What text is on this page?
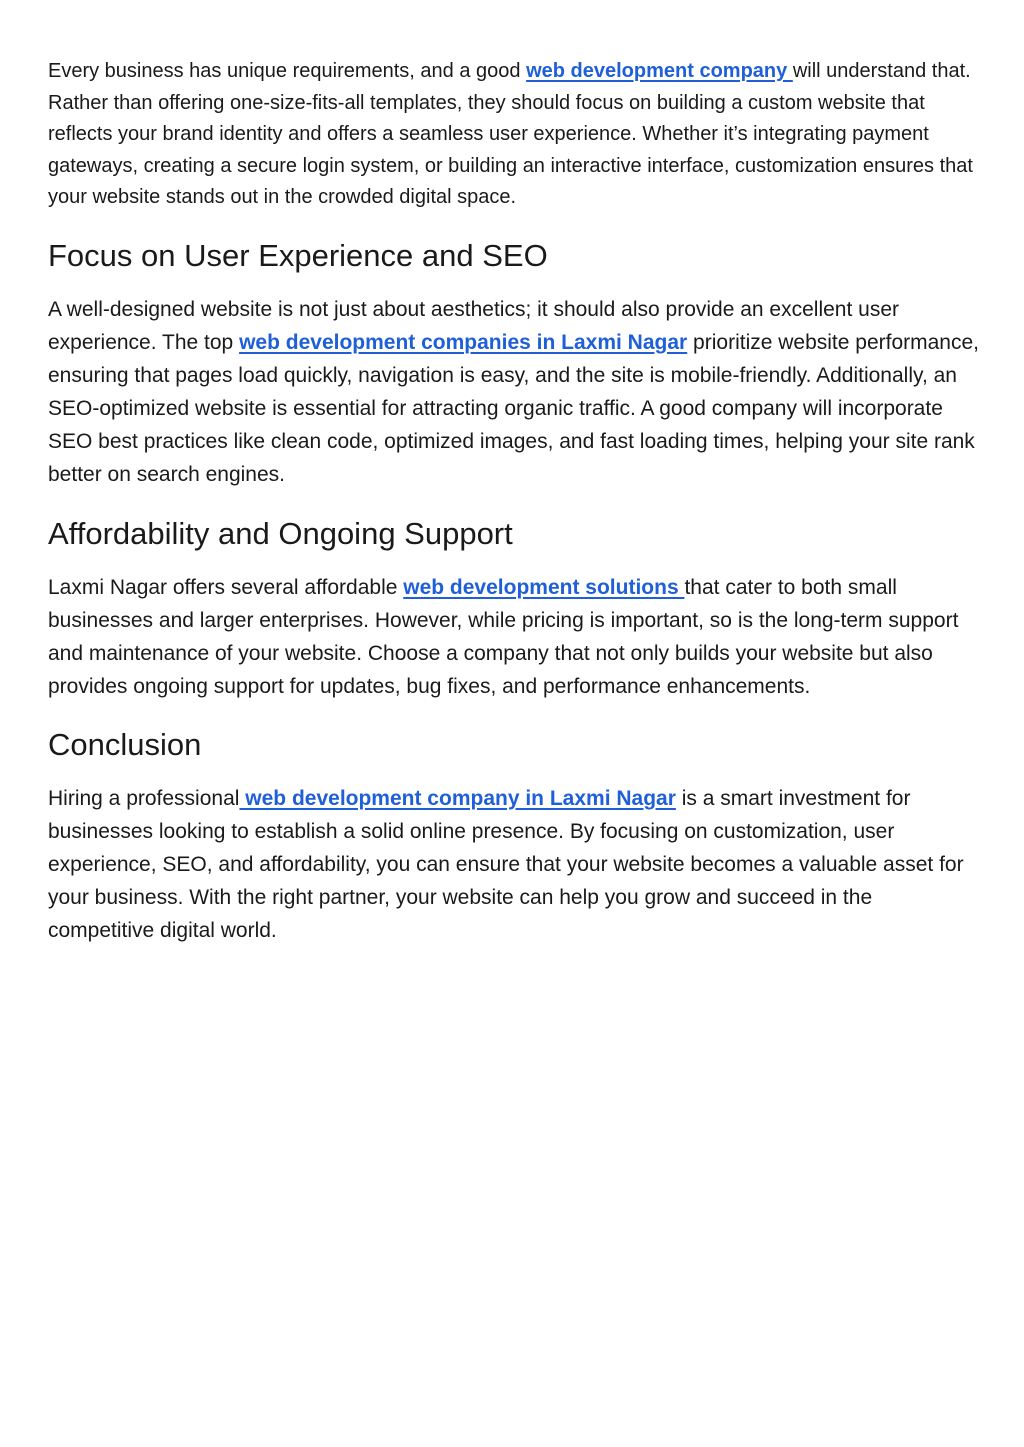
Every business has unique requirements, and a good web development company will understand that. Rather than offering one-size-fits-all templates, they should focus on building a custom website that reflects your brand identity and offers a seamless user experience. Whether it’s integrating payment gateways, creating a secure login system, or building an interactive interface, customization ensures that your website stands out in the crowded digital space.

Focus on User Experience and SEO

A well-designed website is not just about aesthetics; it should also provide an excellent user experience. The top web development companies in Laxmi Nagar prioritize website performance, ensuring that pages load quickly, navigation is easy, and the site is mobile-friendly. Additionally, an SEO-optimized website is essential for attracting organic traffic. A good company will incorporate SEO best practices like clean code, optimized images, and fast loading times, helping your site rank better on search engines.

Affordability and Ongoing Support

Laxmi Nagar offers several affordable web development solutions that cater to both small businesses and larger enterprises. However, while pricing is important, so is the long-term support and maintenance of your website. Choose a company that not only builds your website but also provides ongoing support for updates, bug fixes, and performance enhancements.

Conclusion

Hiring a professional web development company in Laxmi Nagar is a smart investment for businesses looking to establish a solid online presence. By focusing on customization, user experience, SEO, and affordability, you can ensure that your website becomes a valuable asset for your business. With the right partner, your website can help you grow and succeed in the competitive digital world.
